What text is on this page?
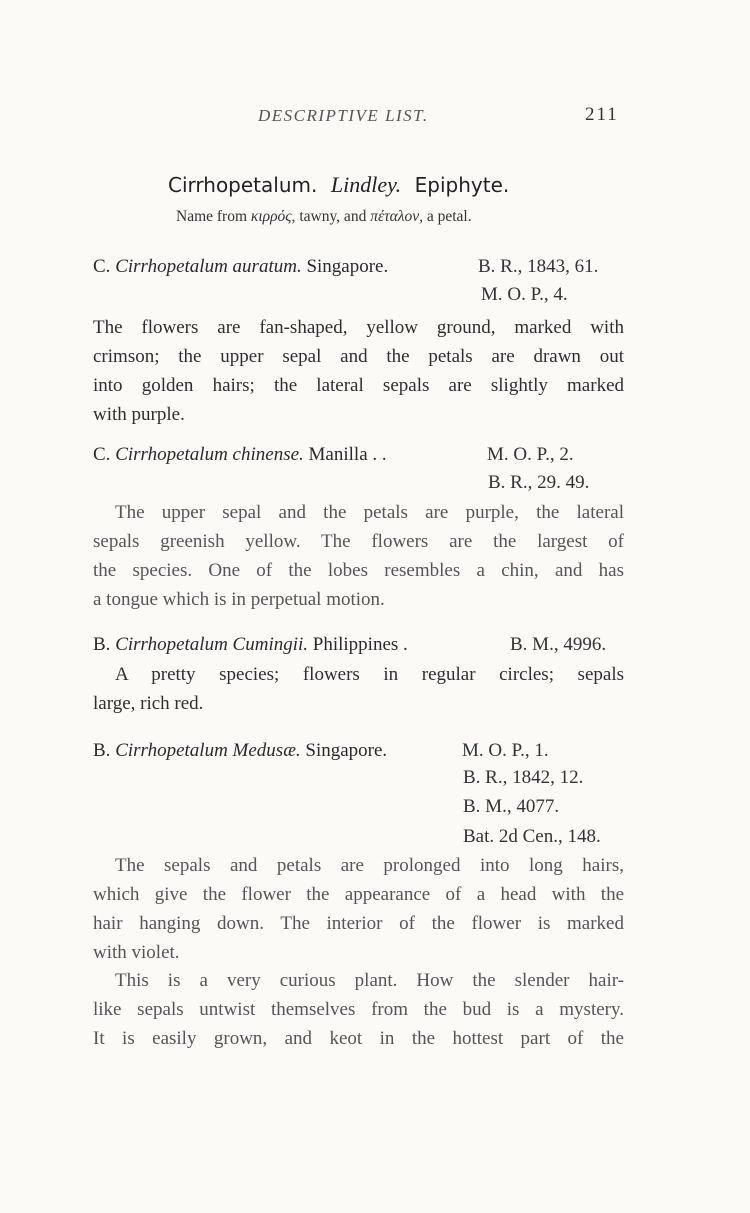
DESCRIPTIVE LIST.	211
Cirrhopetalum. Lindley. Epiphyte.
Name from κιρρός, tawny, and πέταλον, a petal.
C. Cirrhopetalum auratum. Singapore.	B. R., 1843, 61.
M. O. P., 4.
The flowers are fan-shaped, yellow ground, marked with
crimson; the upper sepal and the petals are drawn out
into golden hairs; the lateral sepals are slightly marked
with purple.
C. Cirrhopetalum chinense. Manilla . .	M. O. P., 2.
B. R., 29. 49.
The upper sepal and the petals are purple, the lateral
sepals greenish yellow. The flowers are the largest of
the species. One of the lobes resembles a chin, and has
a tongue which is in perpetual motion.
B. Cirrhopetalum Cumingii. Philippines .	B. M., 4996.
A pretty species; flowers in regular circles; sepals
large, rich red.
B. Cirrhopetalum Medusæ. Singapore.	M. O. P., 1.
B. R., 1842, 12.
B. M., 4077.
Bat. 2d Cen., 148.
The sepals and petals are prolonged into long hairs,
which give the flower the appearance of a head with the
hair hanging down. The interior of the flower is marked
with violet.
This is a very curious plant. How the slender hair-
like sepals untwist themselves from the bud is a mystery.
It is easily grown, and keot in the hottest part of the
